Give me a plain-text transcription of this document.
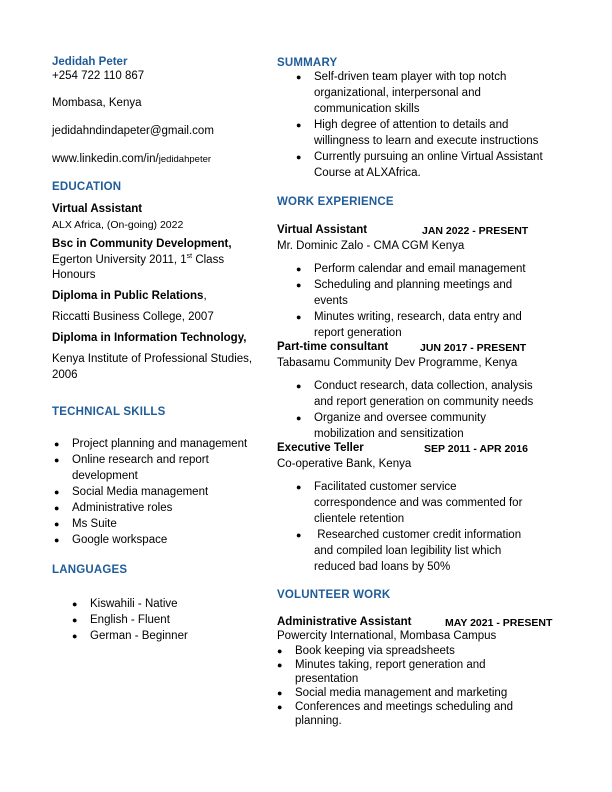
Jedidah Peter
+254 722 110 867
Mombasa, Kenya
jedidahndindapeter@gmail.com
www.linkedin.com/in/jedidahpeter
EDUCATION
Virtual Assistant
ALX Africa, (On-going) 2022
Bsc in Community Development,
Egerton University 2011, 1st Class
Honours
Diploma in Public Relations,
Riccatti Business College, 2007
Diploma in Information Technology,
Kenya Institute of Professional Studies,
2006
TECHNICAL SKILLS
● Project planning and management
● Online research and report
development
● Social Media management
● Administrative roles
● Ms Suite
● Google workspace
LANGUAGES
● Kiswahili - Native
● English - Fluent
● German - Beginner
SUMMARY
● Self-driven team player with top notch
organizational, interpersonal and
communication skills
● High degree of attention to details and
willingness to learn and execute instructions
● Currently pursuing an online Virtual Assistant
Course at ALXAfrica.
WORK EXPERIENCE
Virtual Assistant	JAN 2022 - PRESENT
Mr. Dominic Zalo - CMA CGM Kenya
● Perform calendar and email management
● Scheduling and planning meetings and
events
● Minutes writing, research, data entry and
report generation
Part-time consultant	JUN 2017 - PRESENT
Tabasamu Community Dev Programme, Kenya
● Conduct research, data collection, analysis
and report generation on community needs
● Organize and oversee community
mobilization and sensitization
Executive Teller	SEP 2011 - APR 2016
Co-operative Bank, Kenya
● Facilitated customer service
correspondence and was commented for
clientele retention
● Researched customer credit information
and compiled loan legibility list which
reduced bad loans by 50%
VOLUNTEER WORK
Administrative Assistant	MAY 2021 - PRESENT
Powercity International, Mombasa Campus
● Book keeping via spreadsheets
● Minutes taking, report generation and
presentation
● Social media management and marketing
● Conferences and meetings scheduling and
planning.
